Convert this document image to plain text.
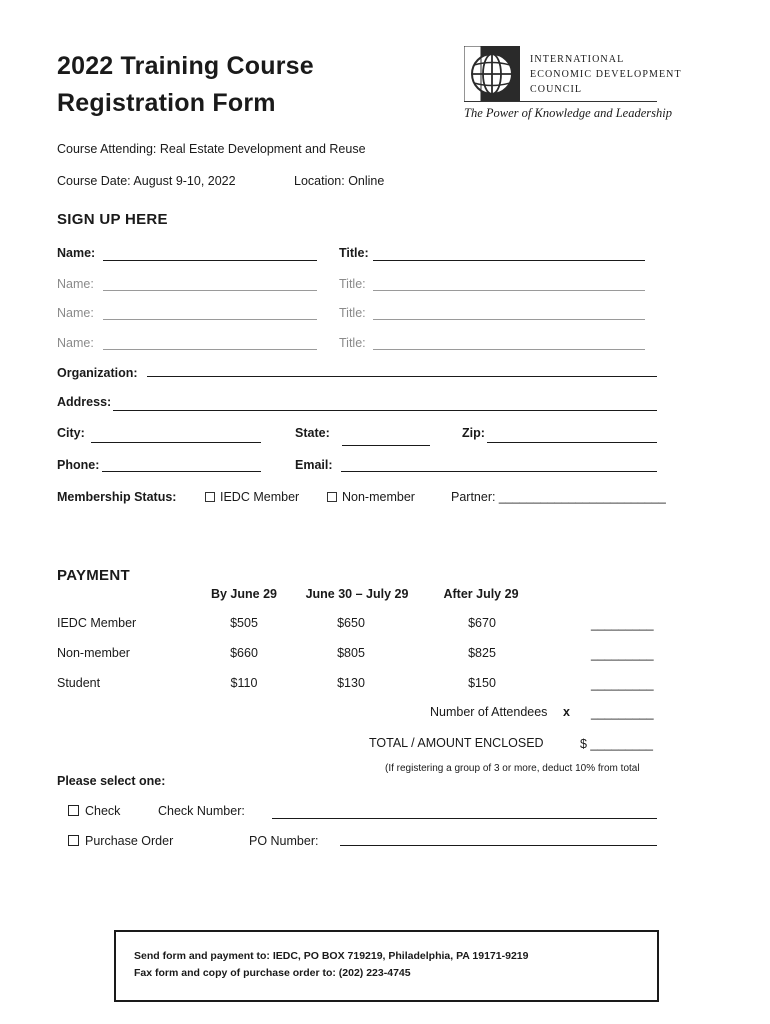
2022 Training Course
Registration Form
INTERNATIONAL
ECONOMIC DEVELOPMENT
COUNCIL
The Power of Knowledge and Leadership
Course Attending: Real Estate Development and Reuse
Course Date: August 9-10, 2022	Location: Online
SIGN UP HERE
Name:	Title:
Name:	Title:
Name:	Title:
Name:	Title:
Organization:
Address:
City:	State:	Zip:
Phone:	Email:
Membership Status:	IEDC Member	Non-member	Partner: ________________________
PAYMENT
By June 29	June 30 – July 29	After July 29
IEDC Member	$505	$650	$670	_________
Non-member	$660	$805	$825	_________
Student	$110	$130	$150	_________
Number of Attendees x _________
TOTAL / AMOUNT ENCLOSED	$ _________
(If registering a group of 3 or more, deduct 10% from total
Please select one:
Check	Check Number:
Purchase Order	PO Number:
Send form and payment to: IEDC, PO BOX 719219, Philadelphia, PA 19171-9219
Fax form and copy of purchase order to: (202) 223-4745
